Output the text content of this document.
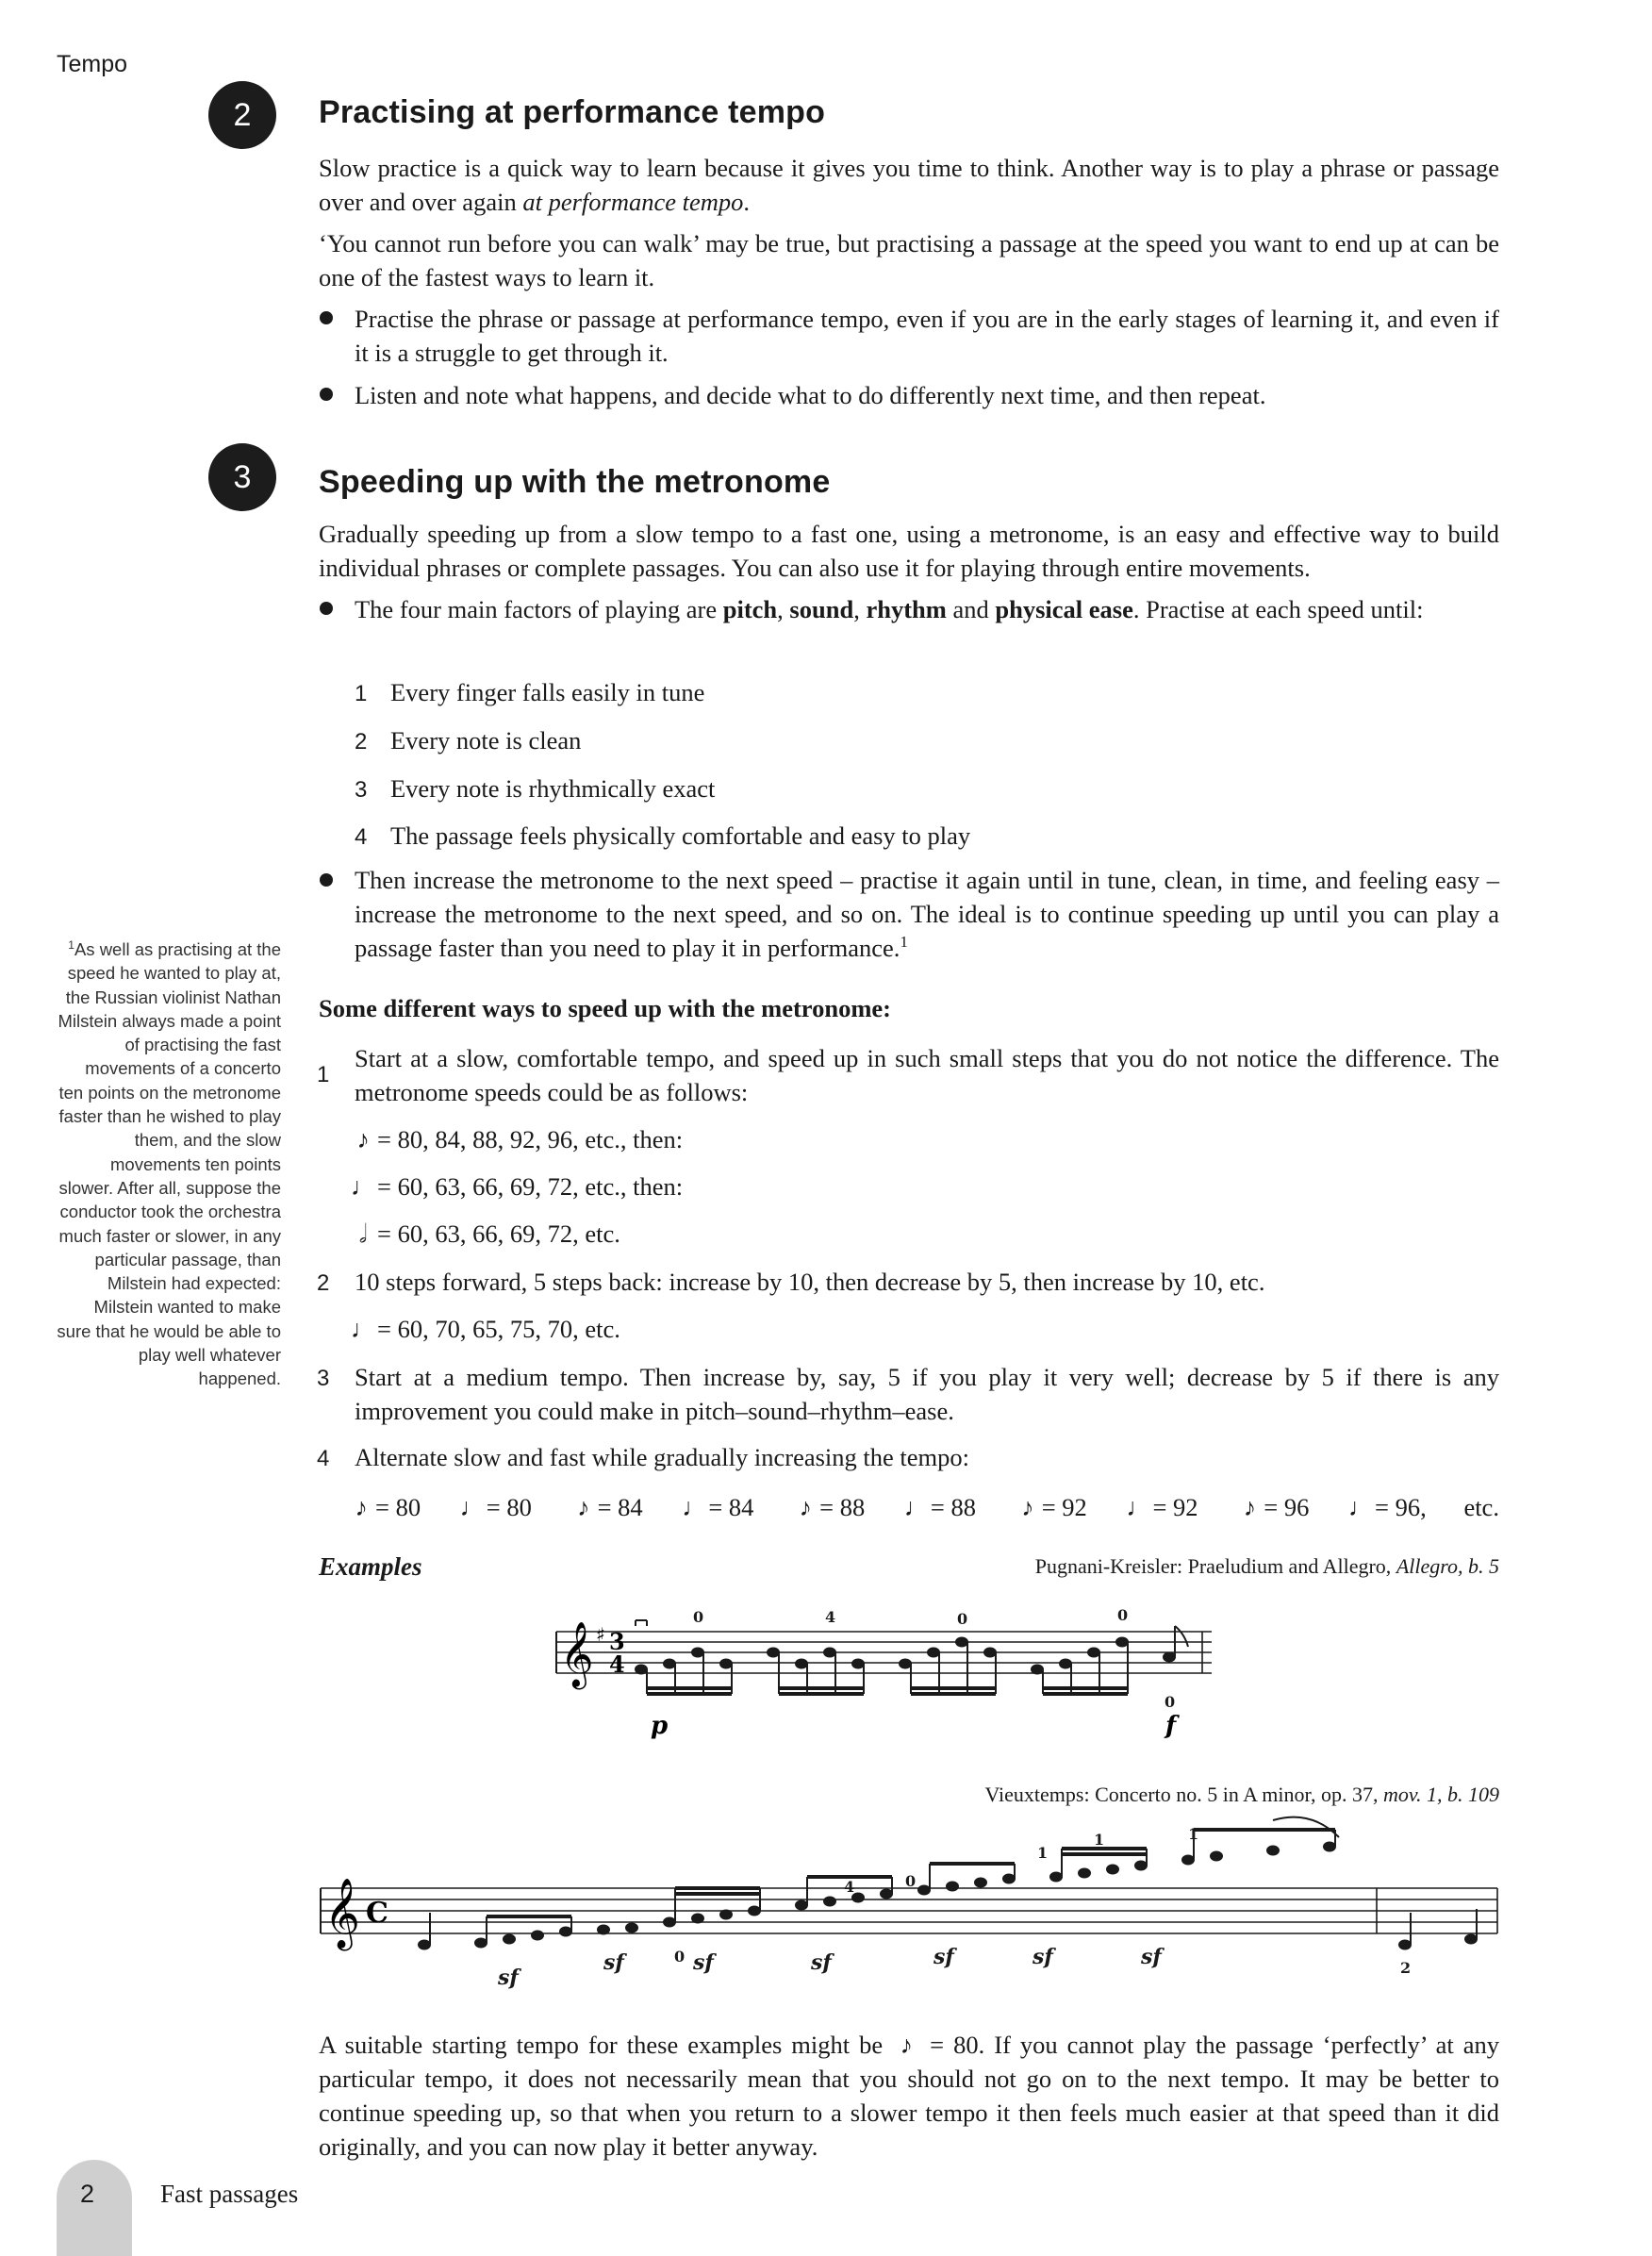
Tempo
2	Practising at performance tempo

Slow practice is a quick way to learn because it gives you time to think. Another way is to play a phrase or passage over and over again at performance tempo.

‘You cannot run before you can walk’ may be true, but practising a passage at the speed you want to end up at can be one of the fastest ways to learn it.

Practise the phrase or passage at performance tempo, even if you are in the early stages of learning it, and even if it is a struggle to get through it.
Listen and note what happens, and decide what to do differently next time, and then repeat.
3	Speeding up with the metronome

Gradually speeding up from a slow tempo to a fast one, using a metronome, is an easy and effective way to build individual phrases or complete passages. You can also use it for playing through entire movements.

The four main factors of playing are pitch, sound, rhythm and physical ease. Practise at each speed until:
1 Every finger falls easily in tune
2 Every note is clean
3 Every note is rhythmically exact
4 The passage feels physically comfortable and easy to play
Then increase the metronome to the next speed – practise it again until in tune, clean, in time, and feeling easy – increase the metronome to the next speed, and so on. The ideal is to continue speeding up until you can play a passage faster than you need to play it in performance.$^1$

$^1$As well as practising at the speed he wanted to play at, the Russian violinist Nathan Milstein always made a point of practising the fast movements of a concerto ten points on the metronome faster than he wished to play them, and the slow movements ten points slower. After all, suppose the conductor took the orchestra much faster or slower, in any particular passage, than Milstein had expected: Milstein wanted to make sure that he would be able to play well whatever happened.

Some different ways to speed up with the metronome:
1
Start at a slow, comfortable tempo, and speed up in such small steps that you do not notice the difference. The metronome speeds could be as follows:
♪ = 80, 84, 88, 92, 96, etc., then:
♩= 60, 63, 66, 69, 72, etc., then:
𝅗𝅥 = 60, 63, 66, 69, 72, etc.
2 10 steps forward, 5 steps back: increase by 10, then decrease by 5, then increase by 10, etc.
♩= 60, 70, 65, 75, 70, etc.
3 Start at a medium tempo. Then increase by, say, 5 if you play it very well; decrease by 5 if there is any improvement you could make in pitch–sound–rhythm–ease.
4 Alternate slow and fast while gradually increasing the tempo:
♪ = 80 ♩= 80	♪ = 84 ♩= 84	♪ = 88 ♩= 88	♪ = 92 ♩= 92	♪ = 96 ♩= 96, etc.
Examples	Pugnani-Kreisler: Praeludium and Allegro, Allegro, b. 5
𝄞 ♯ 3
4
0	4	0	0
0
p	f
Vieuxtemps: Concerto no. 5 in A minor, op. 37, mov. 1, b. 109
𝄞 C
4	0
1
1	1
0
2
sf
sf	sf	sf	sf	sf	sf

A suitable starting tempo for these examples might be ♪ = 80. If you cannot play the passage ‘perfectly’ at any particular tempo, it does not necessarily mean that you should not go on to the next tempo. It may be better to continue speeding up, so that when you return to a slower tempo it then feels much easier at that speed than it did originally, and you can now play it better anyway.

2	Fast passages
